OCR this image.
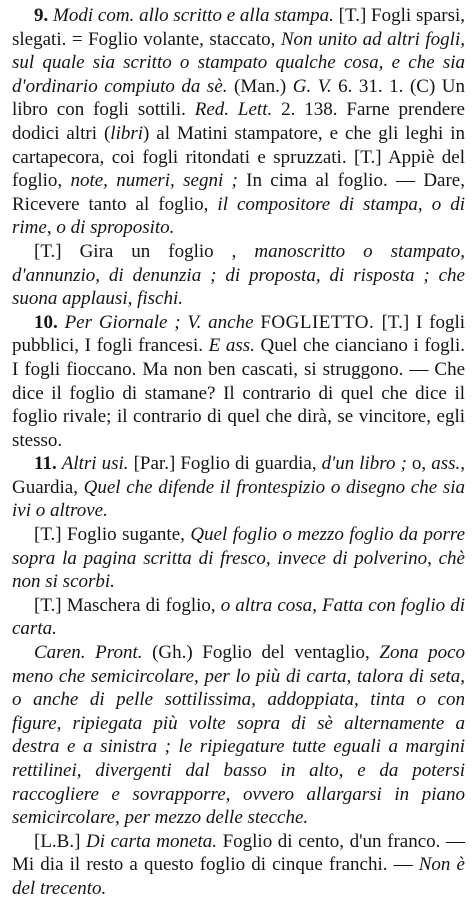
9. Modi com. allo scritto e alla stampa. [T.] Fogli sparsi, slegati. = Foglio volante, staccato, Non unito ad altri fogli, sul quale sia scritto o stampato qualche cosa, e che sia d'ordinario compiuto da sè. (Man.) G. V. 6. 31. 1. (C) Un libro con fogli sottili. Red. Lett. 2. 138. Farne prendere dodici altri (libri) al Matini stampatore, e che gli leghi in cartapecora, coi fogli ritondati e spruzzati. [T.] Appiè del foglio, note, numeri, segni ; In cima al foglio. — Dare, Ricevere tanto al foglio, il compositore di stampa, o di rime, o di sproposito.

[T.] Gira un foglio , manoscritto o stampato, d'annunzio, di denunzia ; di proposta, di risposta ; che suona applausi, fischi.

10. Per Giornale ; V. anche FOGLIETTO. [T.] I fogli pubblici, I fogli francesi. E ass. Quel che cianciano i fogli. I fogli fioccano. Ma non ben cascati, si struggono. — Che dice il foglio di stamane? Il contrario di quel che dice il foglio rivale; il contrario di quel che dirà, se vincitore, egli stesso.

11. Altri usi. [Par.] Foglio di guardia, d'un libro ; o, ass., Guardia, Quel che difende il frontespizio o disegno che sia ivi o altrove.

[T.] Foglio sugante, Quel foglio o mezzo foglio da porre sopra la pagina scritta di fresco, invece di polverino, chè non si scorbi.

[T.] Maschera di foglio, o altra cosa, Fatta con foglio di carta.

Caren. Pront. (Gh.) Foglio del ventaglio, Zona poco meno che semicircolare, per lo più di carta, talora di seta, o anche di pelle sottilissima, addoppiata, tinta o con figure, ripiegata più volte sopra di sè alternamente a destra e a sinistra ; le ripiegature tutte eguali a margini rettilinei, divergenti dal basso in alto, e da potersi raccogliere e sovrapporre, ovvero allargarsi in piano semicircolare, per mezzo delle stecche.

[L.B.] Di carta moneta. Foglio di cento, d'un franco. — Mi dia il resto a questo foglio di cinque franchi. — Non è del trecento.
